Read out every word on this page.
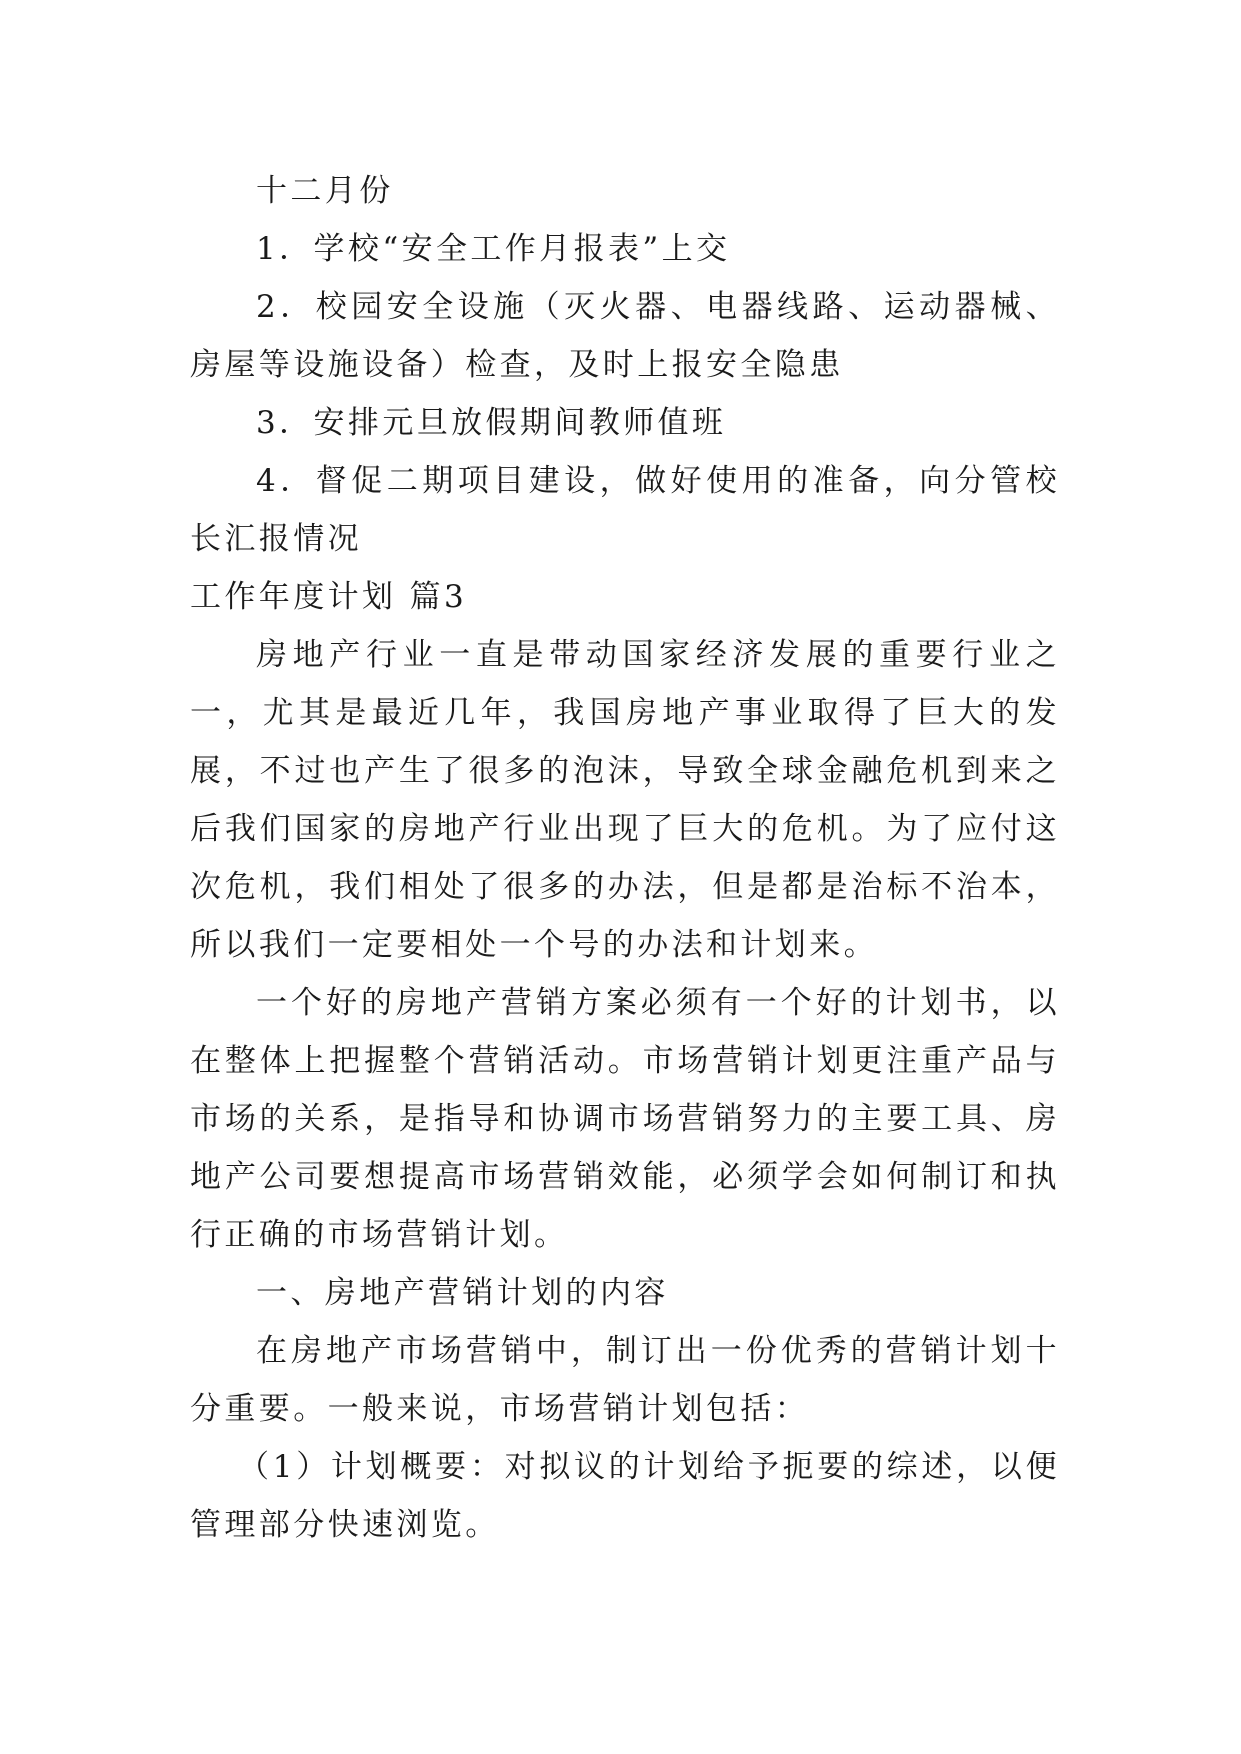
十二月份

1．学校“安全工作月报表”上交

2．校园安全设施（灭火器、电器线路、运动器械、房屋等设施设备）检查，及时上报安全隐患

3．安排元旦放假期间教师值班

4．督促二期项目建设，做好使用的准备，向分管校长汇报情况

工作年度计划 篇3

房地产行业一直是带动国家经济发展的重要行业之一，尤其是最近几年，我国房地产事业取得了巨大的发展，不过也产生了很多的泡沫，导致全球金融危机到来之后我们国家的房地产行业出现了巨大的危机。为了应付这次危机，我们相处了很多的办法，但是都是治标不治本，所以我们一定要相处一个号的办法和计划来。

一个好的房地产营销方案必须有一个好的计划书，以在整体上把握整个营销活动。市场营销计划更注重产品与市场的关系，是指导和协调市场营销努力的主要工具、房地产公司要想提高市场营销效能，必须学会如何制订和执行正确的市场营销计划。

一、房地产营销计划的内容

在房地产市场营销中，制订出一份优秀的营销计划十分重要。一般来说，市场营销计划包括：

（1）计划概要：对拟议的计划给予扼要的综述，以便管理部分快速浏览。
